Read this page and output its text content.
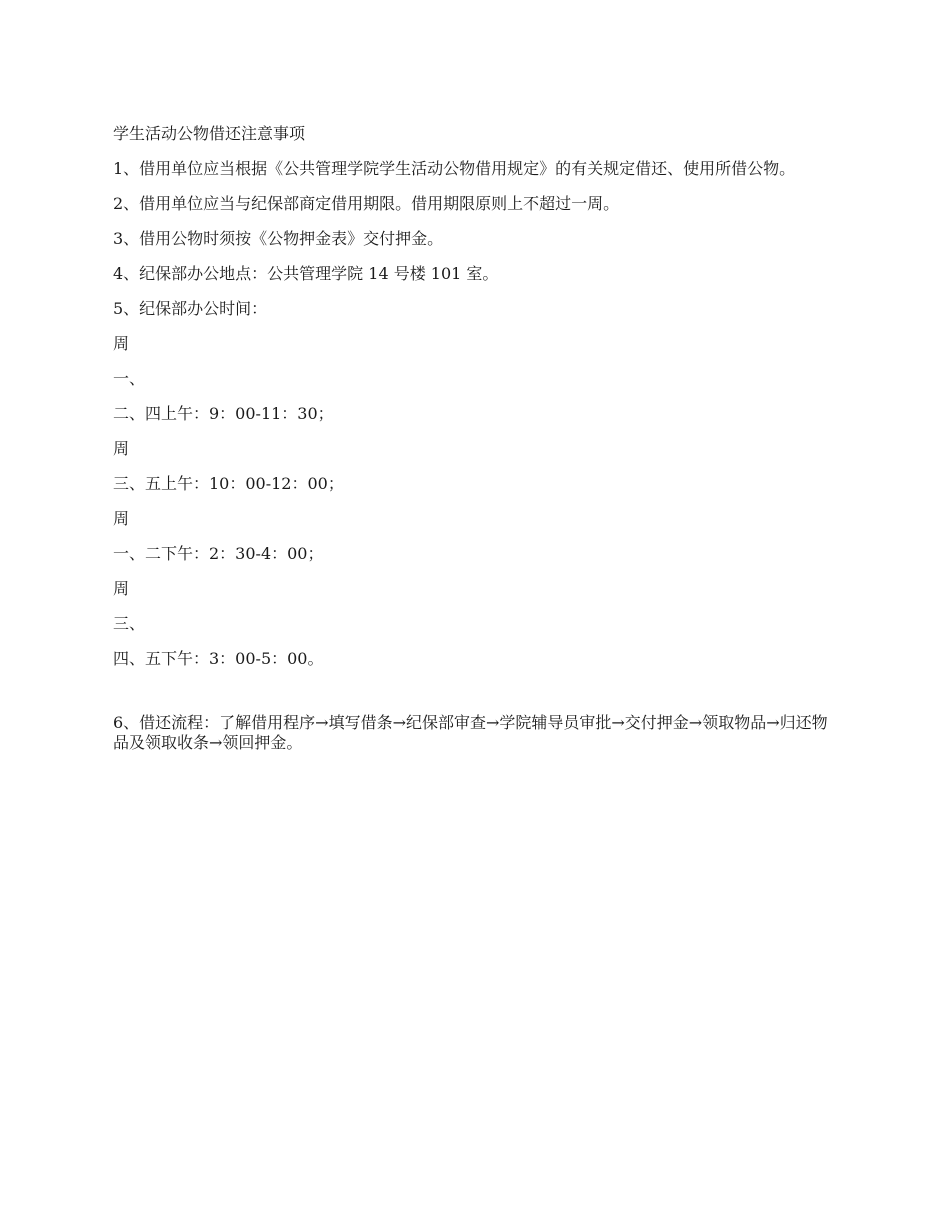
学生活动公物借还注意事项

1、借用单位应当根据《公共管理学院学生活动公物借用规定》的有关规定借还、使用所借公物。

2、借用单位应当与纪保部商定借用期限。借用期限原则上不超过一周。

3、借用公物时须按《公物押金表》交付押金。

4、纪保部办公地点：公共管理学院 14 号楼 101 室。

5、纪保部办公时间：

周

一、

二、四上午：9：00-11：30；

周

三、五上午：10：00-12：00；

周

一、二下午：2：30-4：00；

周

三、

四、五下午：3：00-5：00。

6、借还流程：了解借用程序→填写借条→纪保部审查→学院辅导员审批→交付押金→领取物品→归还物品及领取收条→领回押金。
